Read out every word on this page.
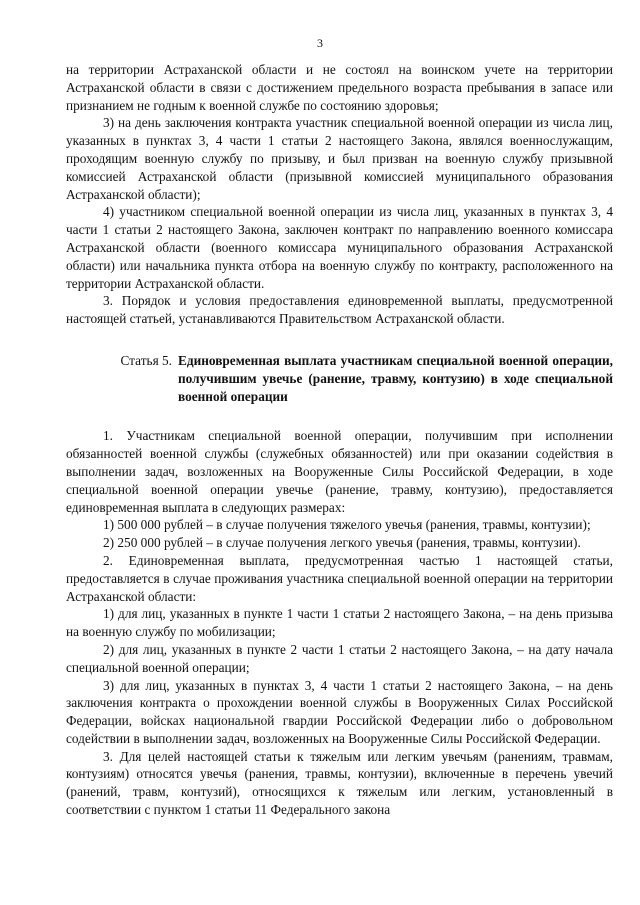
3

на территории Астраханской области и не состоял на воинском учете на территории Астраханской области в связи с достижением предельного возраста пребывания в запасе или признанием не годным к военной службе по состоянию здоровья;

3) на день заключения контракта участник специальной военной операции из числа лиц, указанных в пунктах 3, 4 части 1 статьи 2 настоящего Закона, являлся военнослужащим, проходящим военную службу по призыву, и был призван на военную службу призывной комиссией Астраханской области (призывной комиссией муниципального образования Астраханской области);

4) участником специальной военной операции из числа лиц, указанных в пунктах 3, 4 части 1 статьи 2 настоящего Закона, заключен контракт по направлению военного комиссара Астраханской области (военного комиссара муниципального образования Астраханской области) или начальника пункта отбора на военную службу по контракту, расположенного на территории Астраханской области.

3. Порядок и условия предоставления единовременной выплаты, предусмотренной настоящей статьей, устанавливаются Правительством Астраханской области.

Статья 5. Единовременная выплата участникам специальной военной операции, получившим увечье (ранение, травму, контузию) в ходе специальной военной операции

1. Участникам специальной военной операции, получившим при исполнении обязанностей военной службы (служебных обязанностей) или при оказании содействия в выполнении задач, возложенных на Вооруженные Силы Российской Федерации, в ходе специальной военной операции увечье (ранение, травму, контузию), предоставляется единовременная выплата в следующих размерах:

1) 500 000 рублей – в случае получения тяжелого увечья (ранения, травмы, контузии);

2) 250 000 рублей – в случае получения легкого увечья (ранения, травмы, контузии).

2. Единовременная выплата, предусмотренная частью 1 настоящей статьи, предоставляется в случае проживания участника специальной военной операции на территории Астраханской области:

1) для лиц, указанных в пункте 1 части 1 статьи 2 настоящего Закона, – на день призыва на военную службу по мобилизации;

2) для лиц, указанных в пункте 2 части 1 статьи 2 настоящего Закона, – на дату начала специальной военной операции;

3) для лиц, указанных в пунктах 3, 4 части 1 статьи 2 настоящего Закона, – на день заключения контракта о прохождении военной службы в Вооруженных Силах Российской Федерации, войсках национальной гвардии Российской Федерации либо о добровольном содействии в выполнении задач, возложенных на Вооруженные Силы Российской Федерации.

3. Для целей настоящей статьи к тяжелым или легким увечьям (ранениям, травмам, контузиям) относятся увечья (ранения, травмы, контузии), включенные в перечень увечий (ранений, травм, контузий), относящихся к тяжелым или легким, установленный в соответствии с пунктом 1 статьи 11 Федерального закона
